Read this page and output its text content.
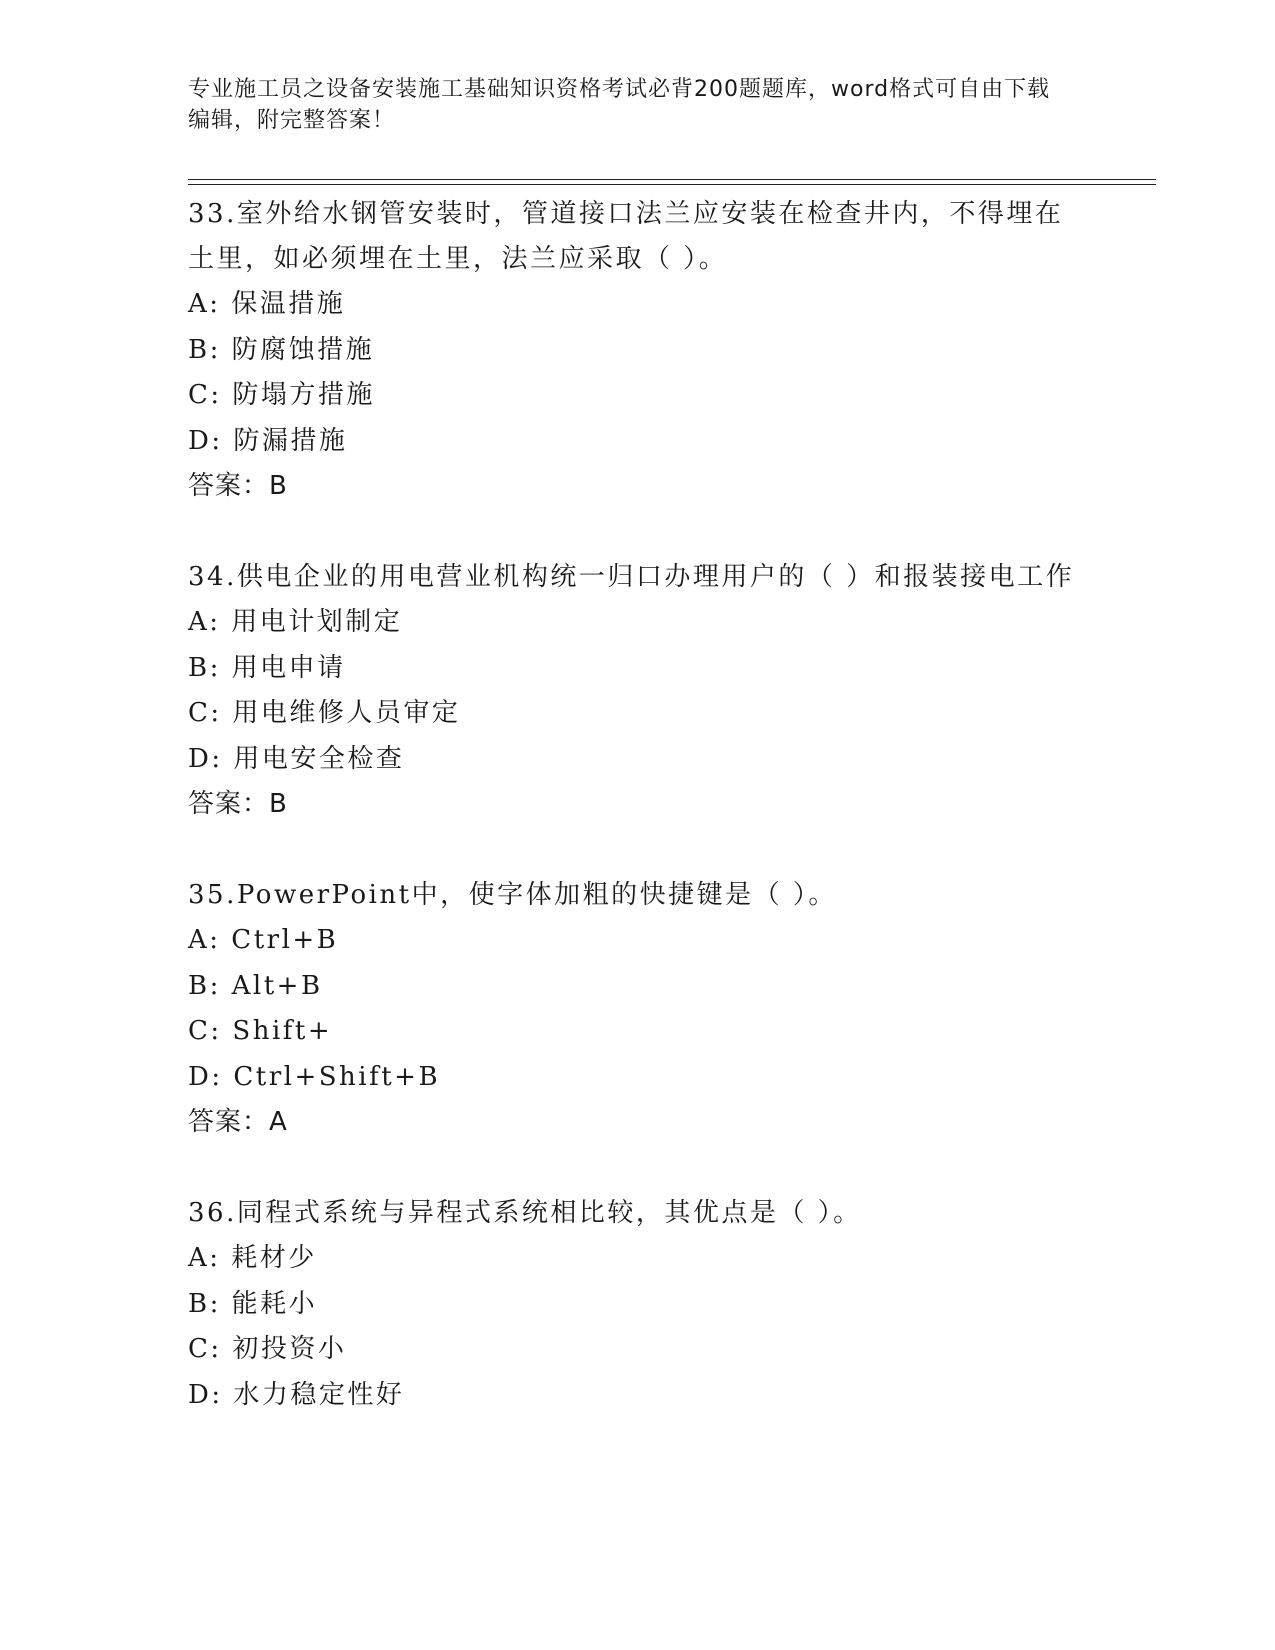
专业施工员之设备安装施工基础知识资格考试必背200题题库，word格式可自由下载编辑，附完整答案！

33.室外给水钢管安装时，管道接口法兰应安装在检查井内，不得埋在土里，如必须埋在土里，法兰应采取（ ）。

A: 保温措施

B: 防腐蚀措施

C: 防塌方措施

D: 防漏措施

答案：B

34.供电企业的用电营业机构统一归口办理用户的（ ）和报装接电工作

A: 用电计划制定

B: 用电申请

C: 用电维修人员审定

D: 用电安全检查

答案：B

35.PowerPoint中，使字体加粗的快捷键是（ ）。

A: Ctrl+B

B: Alt+B

C: Shift+

D: Ctrl+Shift+B

答案：A

36.同程式系统与异程式系统相比较，其优点是（ ）。

A: 耗材少

B: 能耗小

C: 初投资小

D: 水力稳定性好
